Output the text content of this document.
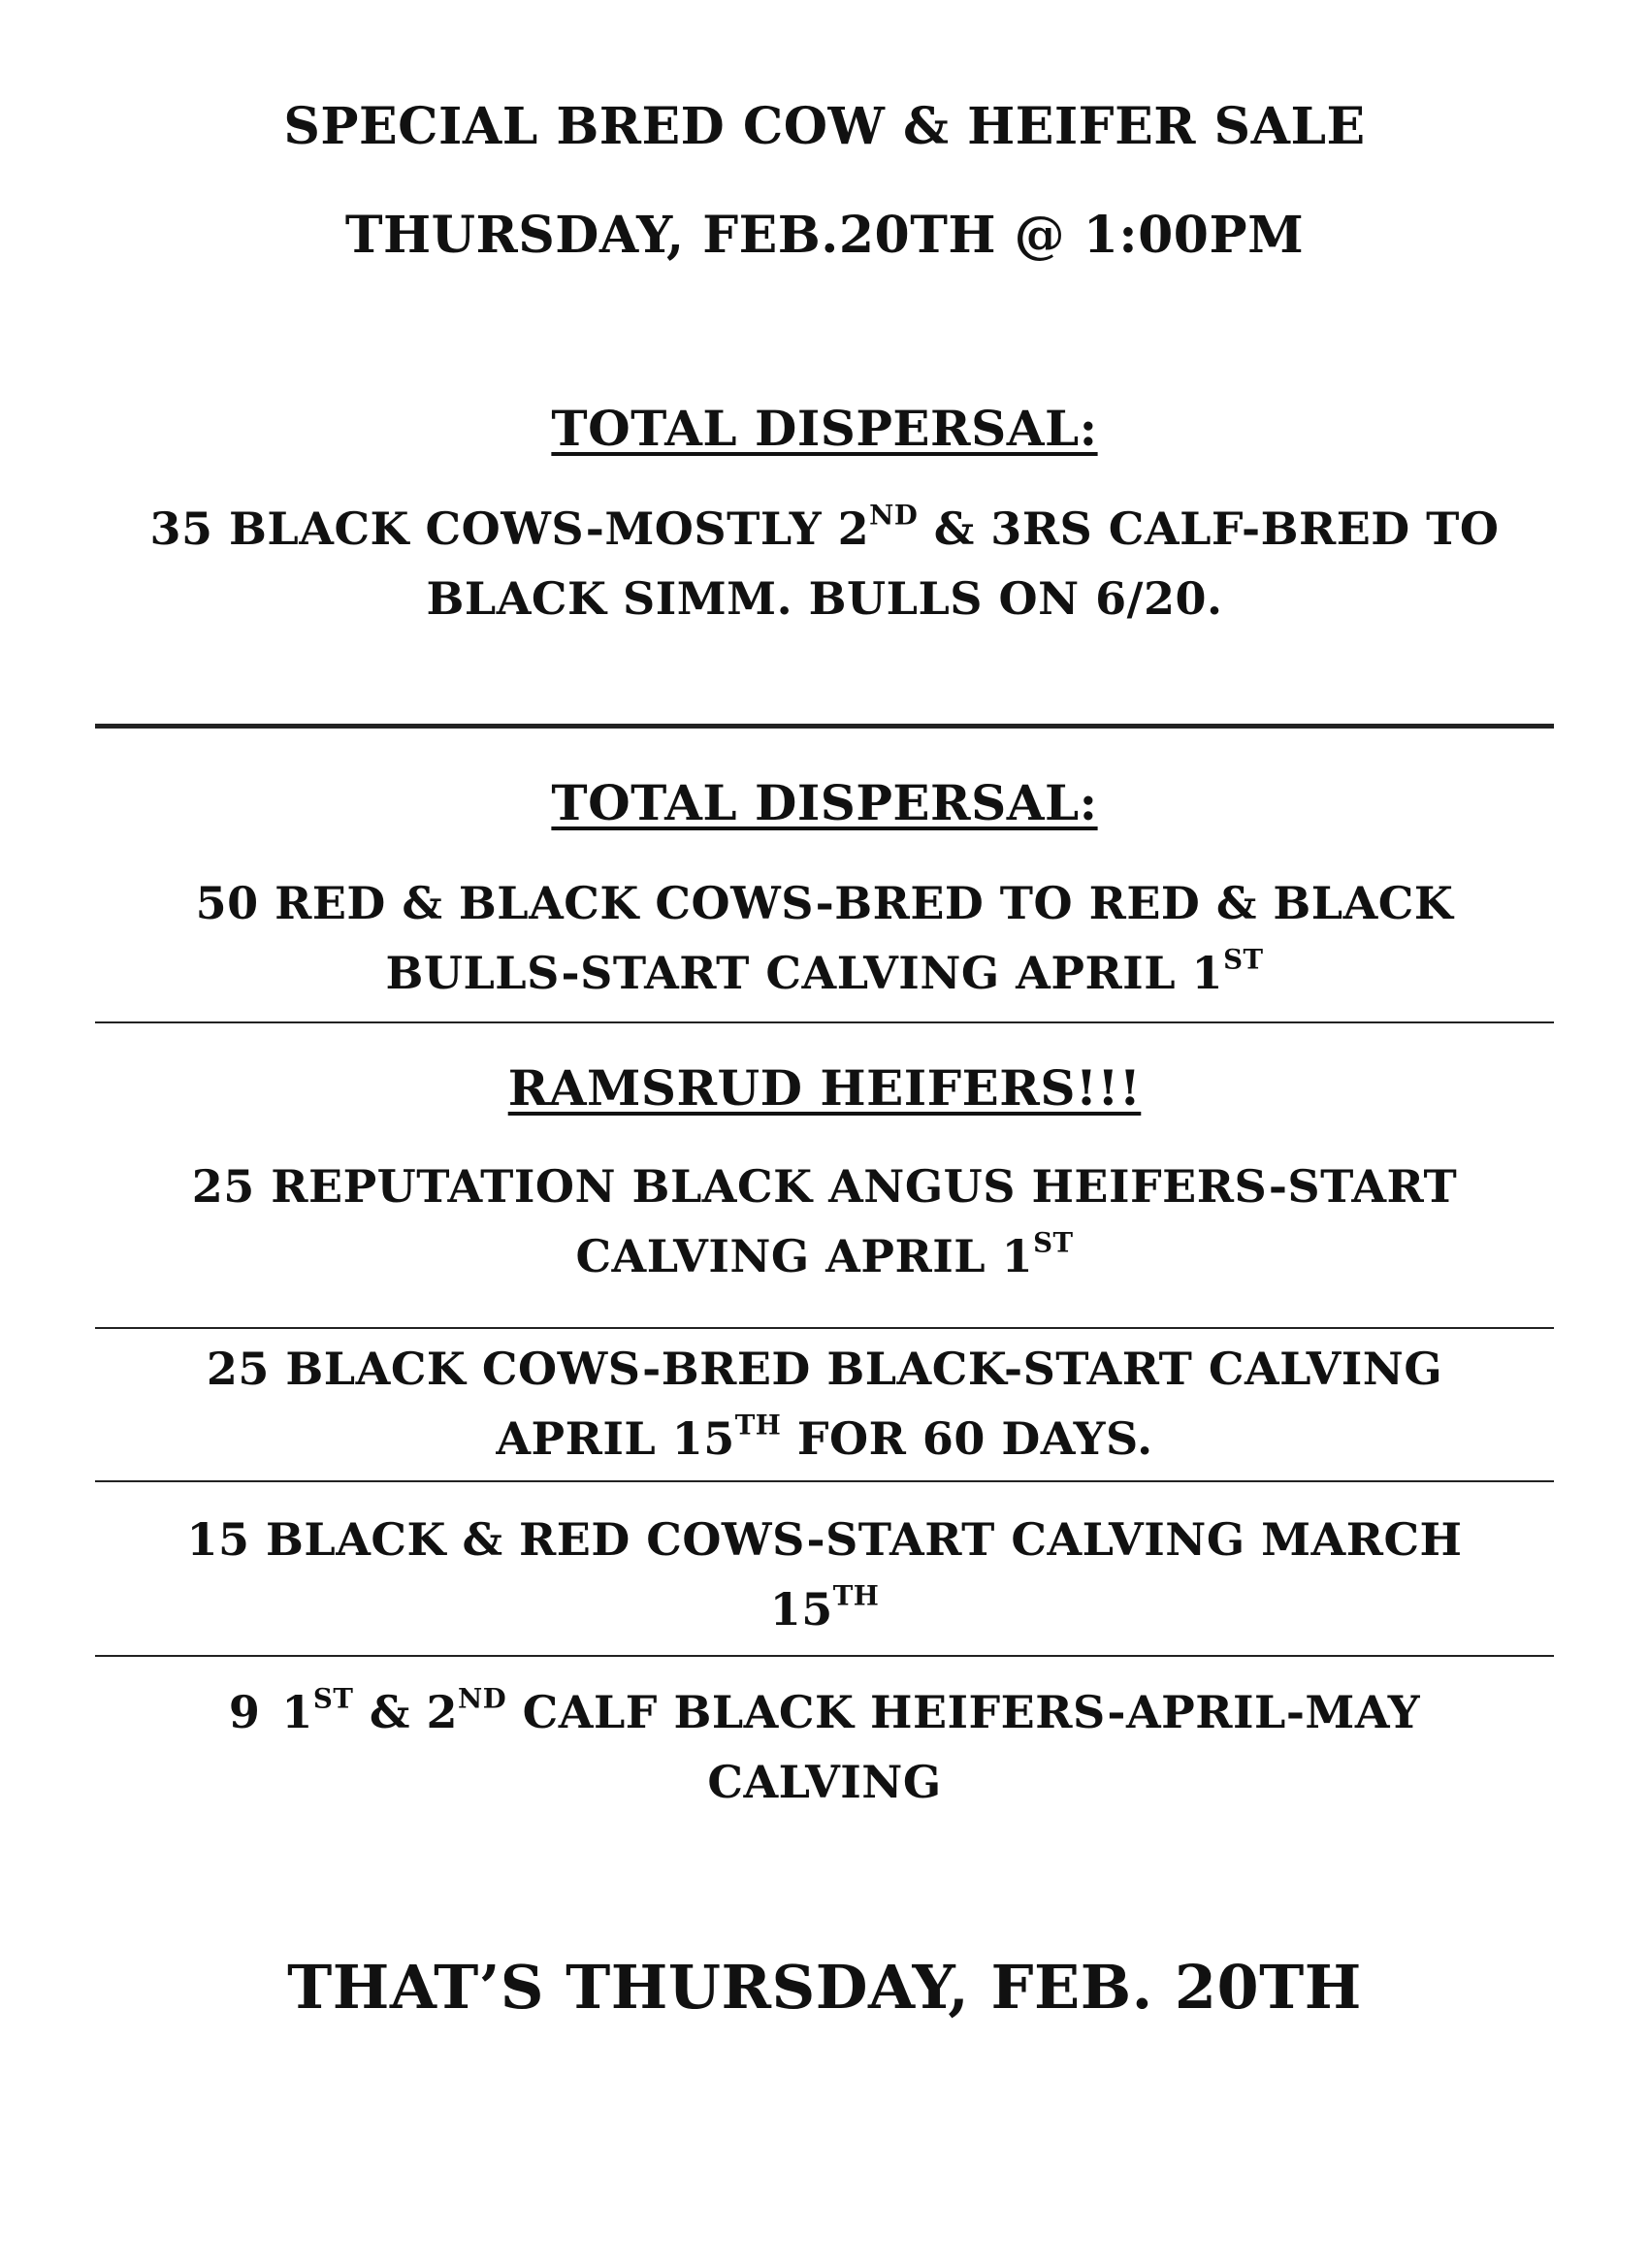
SPECIAL BRED COW & HEIFER SALE
THURSDAY, FEB.20TH @ 1:00PM
TOTAL DISPERSAL:
35 BLACK COWS-MOSTLY 2ND & 3RS CALF-BRED TO
BLACK SIMM. BULLS ON 6/20.
TOTAL DISPERSAL:
50 RED & BLACK COWS-BRED TO RED & BLACK
BULLS-START CALVING APRIL 1ST
RAMSRUD HEIFERS!!!
25 REPUTATION BLACK ANGUS HEIFERS-START
CALVING APRIL 1ST
25 BLACK COWS-BRED BLACK-START CALVING
APRIL 15TH FOR 60 DAYS.
15 BLACK & RED COWS-START CALVING MARCH
15TH
9 1ST & 2ND CALF BLACK HEIFERS-APRIL-MAY
CALVING
THAT’S THURSDAY, FEB. 20TH
